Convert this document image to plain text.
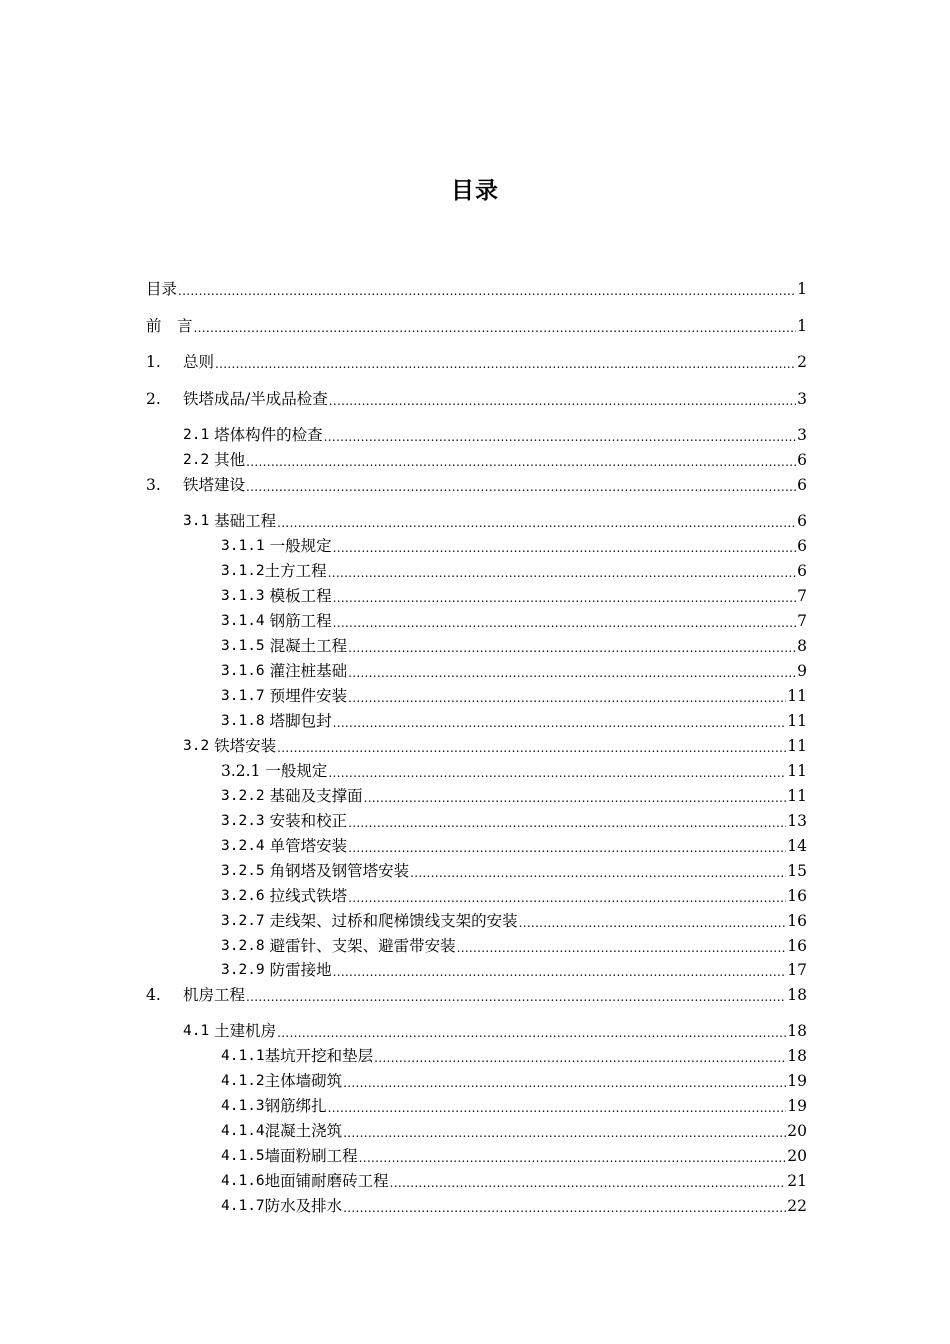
目录
目录 .....	1
前　言 .....	1
1.	总则 .....	2
2.	铁塔成品/半成品检查 .....	3
2.1 塔体构件的检查 .....	3
2.2 其他 .....	6
3.	铁塔建设 .....	6
3.1 基础工程 .....	6
3.1.1 一般规定 .....	6
3.1.2 土方工程 .....	6
3.1.3 模板工程 .....	7
3.1.4 钢筋工程 .....	7
3.1.5 混凝土工程 .....	8
3.1.6 灌注桩基础 .....	9
3.1.7 预埋件安装 .....	11
3.1.8 塔脚包封 .....	11
3.2 铁塔安装 .....	11
3.2.1 一般规定 .....	11
3.2.2 基础及支撑面 .....	11
3.2.3 安装和校正 .....	13
3.2.4 单管塔安装 .....	14
3.2.5 角钢塔及钢管塔安装 .....	15
3.2.6 拉线式铁塔 .....	16
3.2.7 走线架、过桥和爬梯馈线支架的安装 .....	16
3.2.8 避雷针、支架、避雷带安装 .....	16
3.2.9 防雷接地 .....	17
4.	机房工程 .....	18
4.1 土建机房 .....	18
4.1.1 基坑开挖和垫层 .....	18
4.1.2 主体墙砌筑 .....	19
4.1.3 钢筋绑扎 .....	19
4.1.4 混凝土浇筑 .....	20
4.1.5 墙面粉刷工程 .....	20
4.1.6 地面铺耐磨砖工程 .....	21
4.1.7 防水及排水 .....	22
